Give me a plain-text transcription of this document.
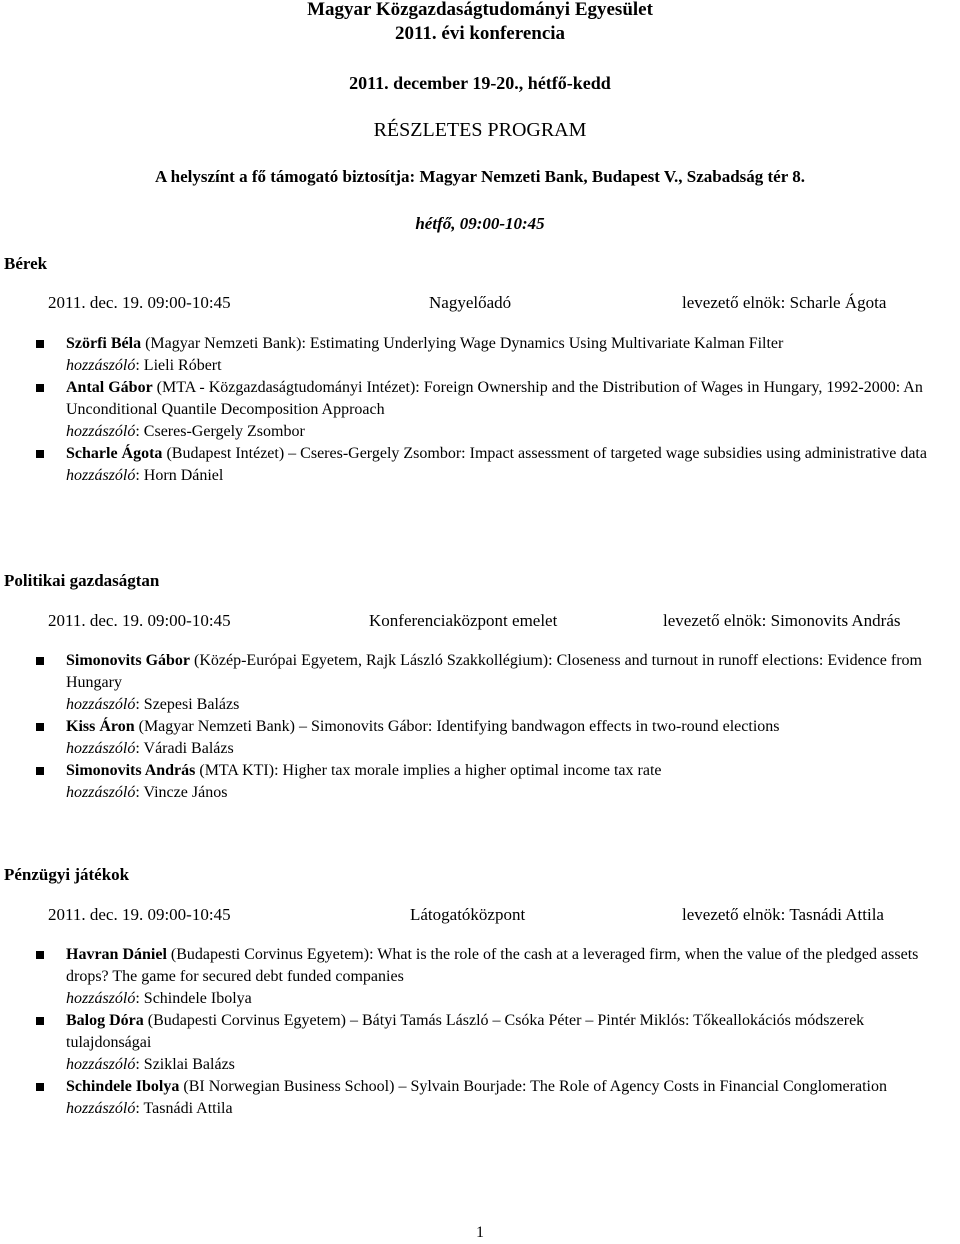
Magyar Közgazdaságtudományi Egyesület
2011. évi konferencia
2011. december 19-20., hétfő-kedd
RÉSZLETES PROGRAM
A helyszínt a fő támogató biztosítja: Magyar Nemzeti Bank, Budapest V., Szabadság tér 8.
hétfő, 09:00-10:45
Bérek
2011. dec. 19. 09:00-10:45	Nagyelőadó	levezető elnök: Scharle Ágota
Szörfi Béla (Magyar Nemzeti Bank): Estimating Underlying Wage Dynamics Using Multivariate Kalman Filter
hozzászóló: Lieli Róbert
Antal Gábor (MTA - Közgazdaságtudományi Intézet): Foreign Ownership and the Distribution of Wages in Hungary, 1992-2000: An Unconditional Quantile Decomposition Approach
hozzászóló: Cseres-Gergely Zsombor
Scharle Ágota (Budapest Intézet) – Cseres-Gergely Zsombor: Impact assessment of targeted wage subsidies using administrative data
hozzászóló: Horn Dániel
Politikai gazdaságtan
2011. dec. 19. 09:00-10:45	Konferenciaközpont emelet	levezető elnök: Simonovits András
Simonovits Gábor (Közép-Európai Egyetem, Rajk László Szakkollégium): Closeness and turnout in runoff elections: Evidence from Hungary
hozzászóló: Szepesi Balázs
Kiss Áron (Magyar Nemzeti Bank) – Simonovits Gábor: Identifying bandwagon effects in two-round elections
hozzászóló: Váradi Balázs
Simonovits András (MTA KTI): Higher tax morale implies a higher optimal income tax rate
hozzászóló: Vincze János
Pénzügyi játékok
2011. dec. 19. 09:00-10:45	Látogatóközpont	levezető elnök: Tasnádi Attila
Havran Dániel (Budapesti Corvinus Egyetem): What is the role of the cash at a leveraged firm, when the value of the pledged assets drops? The game for secured debt funded companies
hozzászóló: Schindele Ibolya
Balog Dóra (Budapesti Corvinus Egyetem) – Bátyi Tamás László – Csóka Péter – Pintér Miklós: Tőkeallokációs módszerek tulajdonságai
hozzászóló: Sziklai Balázs
Schindele Ibolya (BI Norwegian Business School) – Sylvain Bourjade: The Role of Agency Costs in Financial Conglomeration
hozzászóló: Tasnádi Attila
1
